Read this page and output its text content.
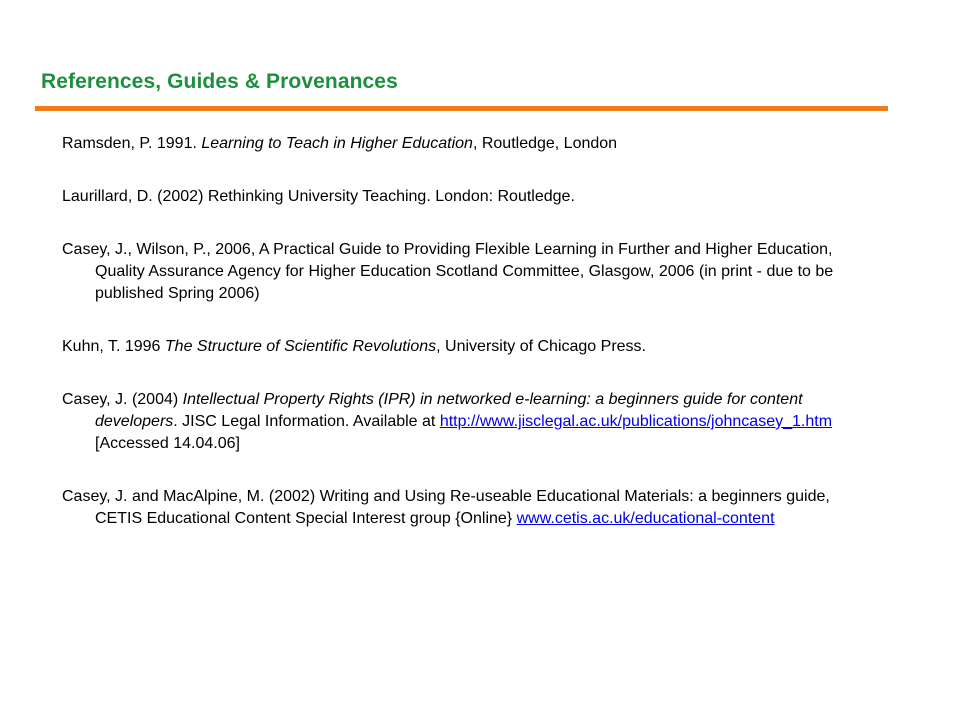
References, Guides & Provenances
Ramsden, P. 1991. Learning to Teach in Higher Education, Routledge, London
Laurillard, D. (2002) Rethinking University Teaching. London: Routledge.
Casey, J., Wilson, P., 2006, A Practical Guide to Providing Flexible Learning in Further and Higher Education, Quality Assurance Agency for Higher Education Scotland Committee, Glasgow, 2006 (in print - due to be published Spring 2006)
Kuhn, T. 1996 The Structure of Scientific Revolutions, University of Chicago Press.
Casey, J. (2004) Intellectual Property Rights (IPR) in networked e-learning: a beginners guide for content developers. JISC Legal Information. Available at http://www.jisclegal.ac.uk/publications/johncasey_1.htm [Accessed 14.04.06]
Casey, J. and MacAlpine, M. (2002) Writing and Using Re-useable Educational Materials: a beginners guide, CETIS Educational Content Special Interest group {Online} www.cetis.ac.uk/educational-content
